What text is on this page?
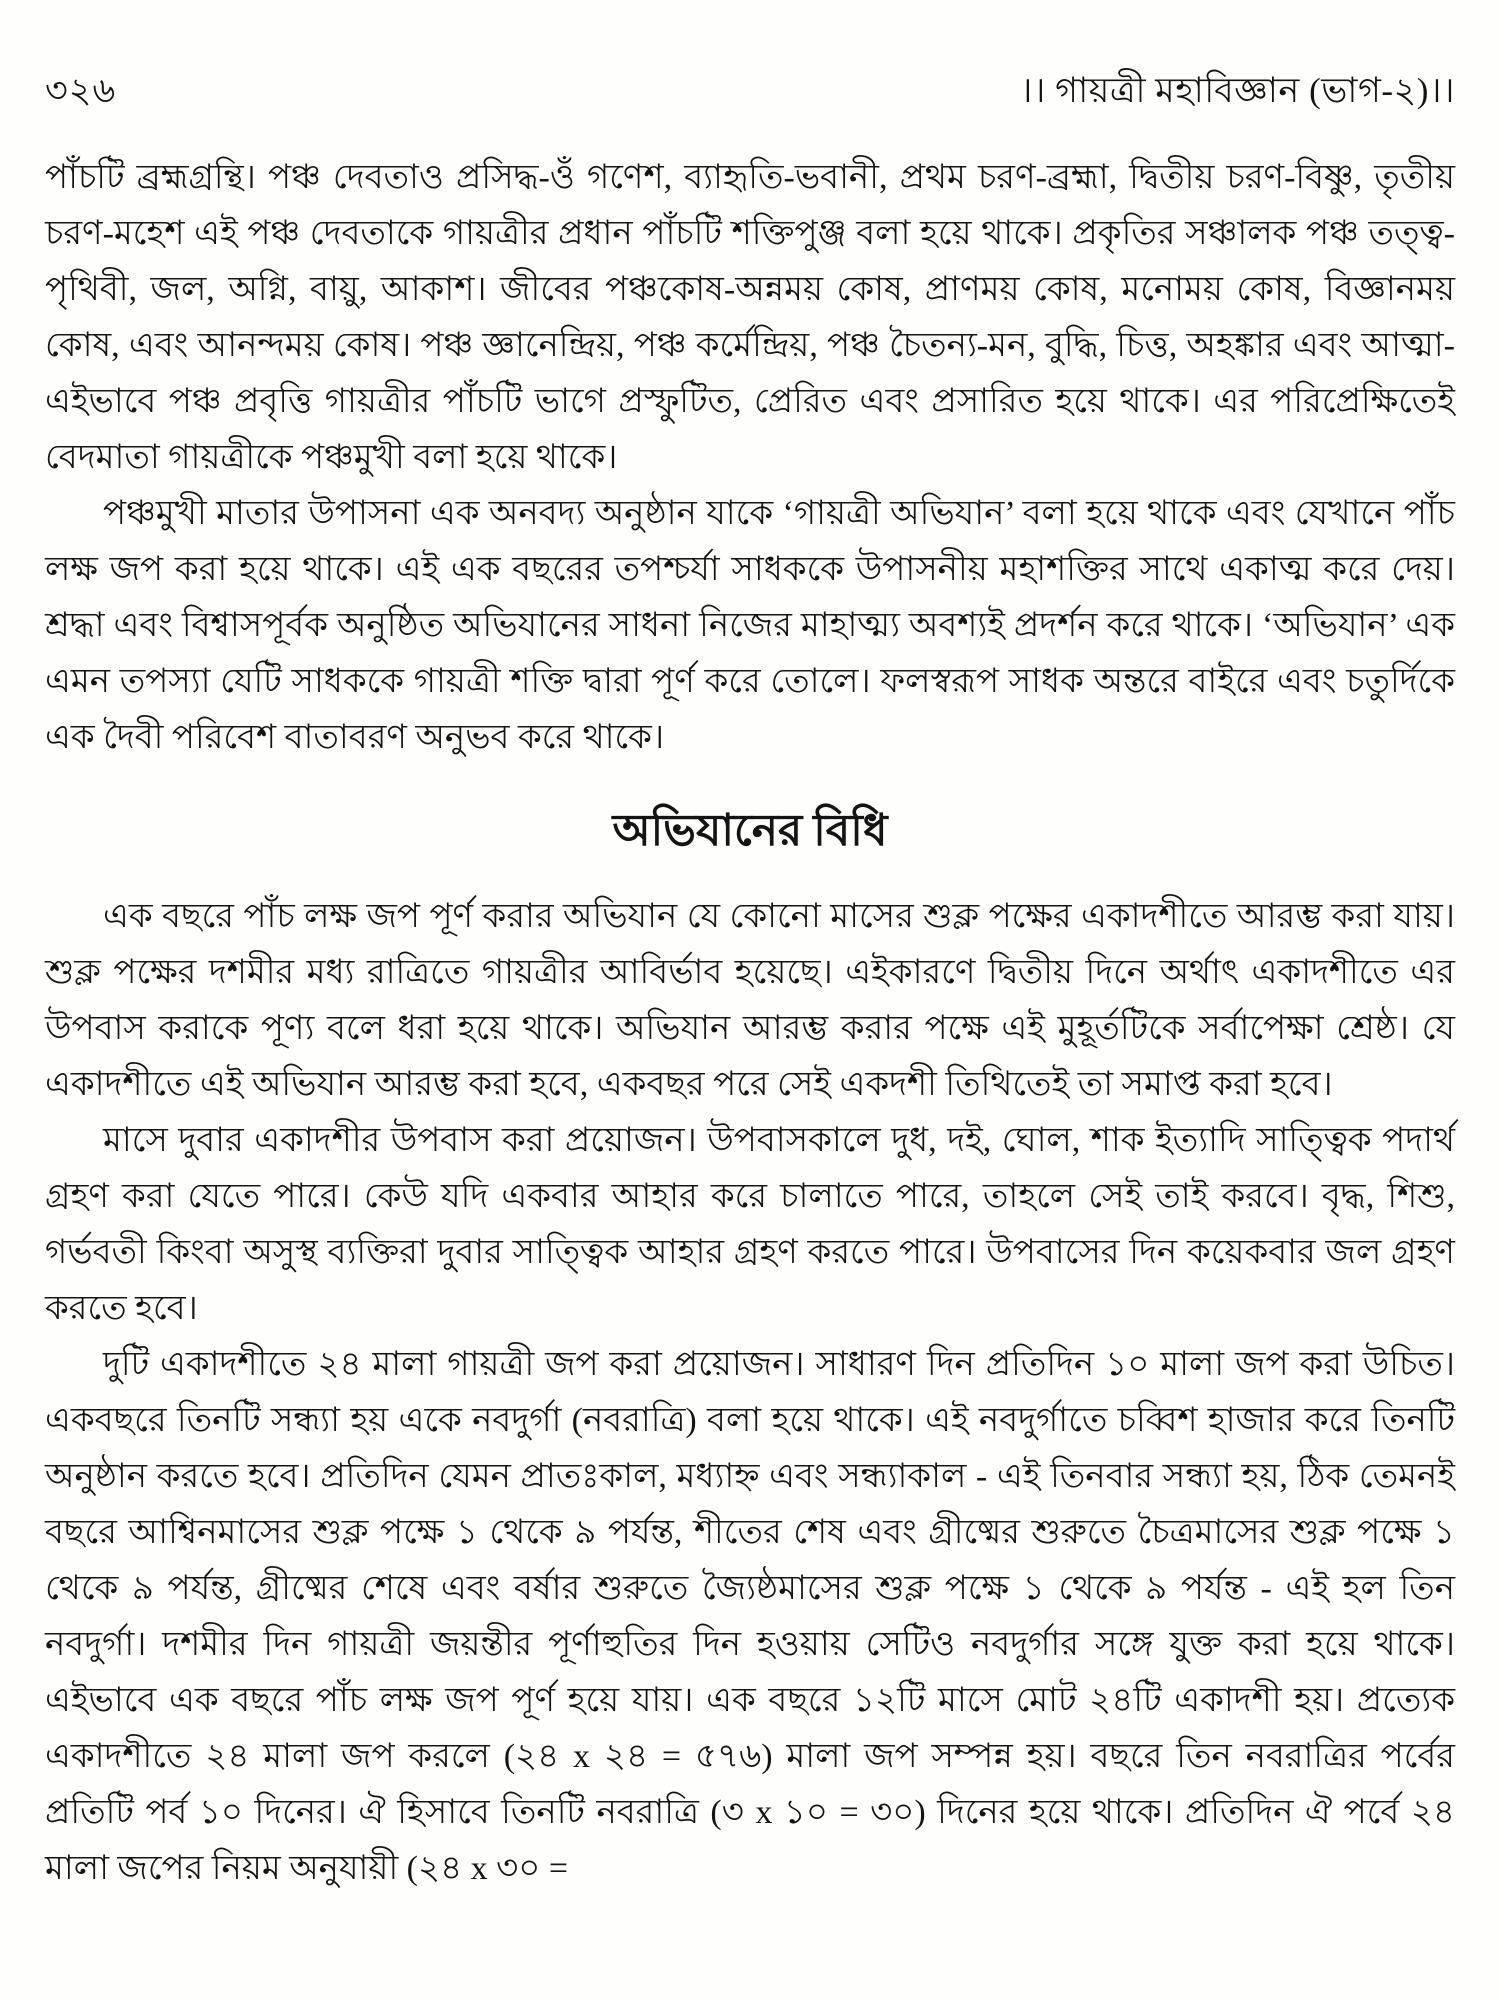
৩২৬	।। গায়ত্রী মহাবিজ্ঞান (ভাগ-২)।।

পাঁচটি ব্রহ্মগ্রন্থি। পঞ্চ দেবতাও প্রসিদ্ধ-ওঁ গণেশ, ব্যাহৃতি-ভবানী, প্রথম চরণ-ব্রহ্মা, দ্বিতীয় চরণ-বিষ্ণু, তৃতীয় চরণ-মহেশ এই পঞ্চ দেবতাকে গায়ত্রীর প্রধান পাঁচটি শক্তিপুঞ্জ বলা হয়ে থাকে। প্রকৃতির সঞ্চালক পঞ্চ তত্ত্ব-পৃথিবী, জল, অগ্নি, বায়ু, আকাশ। জীবের পঞ্চকোষ-অন্নময় কোষ, প্রাণময় কোষ, মনোময় কোষ, বিজ্ঞানময় কোষ, এবং আনন্দময় কোষ। পঞ্চ জ্ঞানেন্দ্রিয়, পঞ্চ কর্মেন্দ্রিয়, পঞ্চ চৈতন্য-মন, বুদ্ধি, চিত্ত, অহঙ্কার এবং আত্মা-এইভাবে পঞ্চ প্রবৃত্তি গায়ত্রীর পাঁচটি ভাগে প্রস্ফুটিত, প্রেরিত এবং প্রসারিত হয়ে থাকে। এর পরিপ্রেক্ষিতেই বেদমাতা গায়ত্রীকে পঞ্চমুখী বলা হয়ে থাকে।

পঞ্চমুখী মাতার উপাসনা এক অনবদ্য অনুষ্ঠান যাকে ‘গায়ত্রী অভিযান’ বলা হয়ে থাকে এবং যেখানে পাঁচ লক্ষ জপ করা হয়ে থাকে। এই এক বছরের তপশ্চর্যা সাধককে উপাসনীয় মহাশক্তির সাথে একাত্ম করে দেয়। শ্রদ্ধা এবং বিশ্বাসপূর্বক অনুষ্ঠিত অভিযানের সাধনা নিজের মাহাত্ম্য অবশ্যই প্রদর্শন করে থাকে। ‘অভিযান’ এক এমন তপস্যা যেটি সাধককে গায়ত্রী শক্তি দ্বারা পূর্ণ করে তোলে। ফলস্বরূপ সাধক অন্তরে বাইরে এবং চতুর্দিকে এক দৈবী পরিবেশ বাতাবরণ অনুভব করে থাকে।

অভিযানের বিধি

এক বছরে পাঁচ লক্ষ জপ পূর্ণ করার অভিযান যে কোনো মাসের শুক্ল পক্ষের একাদশীতে আরম্ভ করা যায়। শুক্ল পক্ষের দশমীর মধ্য রাত্রিতে গায়ত্রীর আবির্ভাব হয়েছে। এইকারণে দ্বিতীয় দিনে অর্থাৎ একাদশীতে এর উপবাস করাকে পূণ্য বলে ধরা হয়ে থাকে। অভিযান আরম্ভ করার পক্ষে এই মুহূর্তটিকে সর্বাপেক্ষা শ্রেষ্ঠ। যে একাদশীতে এই অভিযান আরম্ভ করা হবে, একবছর পরে সেই একদশী তিথিতেই তা সমাপ্ত করা হবে।

মাসে দুবার একাদশীর উপবাস করা প্রয়োজন। উপবাসকালে দুধ, দই, ঘোল, শাক ইত্যাদি সাত্ত্বিক পদার্থ গ্রহণ করা যেতে পারে। কেউ যদি একবার আহার করে চালাতে পারে, তাহলে সেই তাই করবে। বৃদ্ধ, শিশু, গর্ভবতী কিংবা অসুস্থ ব্যক্তিরা দুবার সাত্ত্বিক আহার গ্রহণ করতে পারে। উপবাসের দিন কয়েকবার জল গ্রহণ করতে হবে।

দুটি একাদশীতে ২৪ মালা গায়ত্রী জপ করা প্রয়োজন। সাধারণ দিন প্রতিদিন ১০ মালা জপ করা উচিত। একবছরে তিনটি সন্ধ্যা হয় একে নবদুর্গা (নবরাত্রি) বলা হয়ে থাকে। এই নবদুর্গাতে চব্বিশ হাজার করে তিনটি অনুষ্ঠান করতে হবে। প্রতিদিন যেমন প্রাতঃকাল, মধ্যাহ্ন এবং সন্ধ্যাকাল - এই তিনবার সন্ধ্যা হয়, ঠিক তেমনই বছরে আশ্বিনমাসের শুক্ল পক্ষে ১ থেকে ৯ পর্যন্ত, শীতের শেষ এবং গ্রীষ্মের শুরুতে চৈত্রমাসের শুক্ল পক্ষে ১ থেকে ৯ পর্যন্ত, গ্রীষ্মের শেষে এবং বর্ষার শুরুতে জ্যৈষ্ঠমাসের শুক্ল পক্ষে ১ থেকে ৯ পর্যন্ত - এই হল তিন নবদুর্গা। দশমীর দিন গায়ত্রী জয়ন্তীর পূর্ণাহুতির দিন হওয়ায় সেটিও নবদুর্গার সঙ্গে যুক্ত করা হয়ে থাকে। এইভাবে এক বছরে পাঁচ লক্ষ জপ পূর্ণ হয়ে যায়। এক বছরে ১২টি মাসে মোট ২৪টি একাদশী হয়। প্রত্যেক একাদশীতে ২৪ মালা জপ করলে (২৪ x ২৪ = ৫৭৬) মালা জপ সম্পন্ন হয়। বছরে তিন নবরাত্রির পর্বের প্রতিটি পর্ব ১০ দিনের। ঐ হিসাবে তিনটি নবরাত্রি (৩ x ১০ = ৩০) দিনের হয়ে থাকে। প্রতিদিন ঐ পর্বে ২৪ মালা জপের নিয়ম অনুযায়ী (২৪ x ৩০ =
